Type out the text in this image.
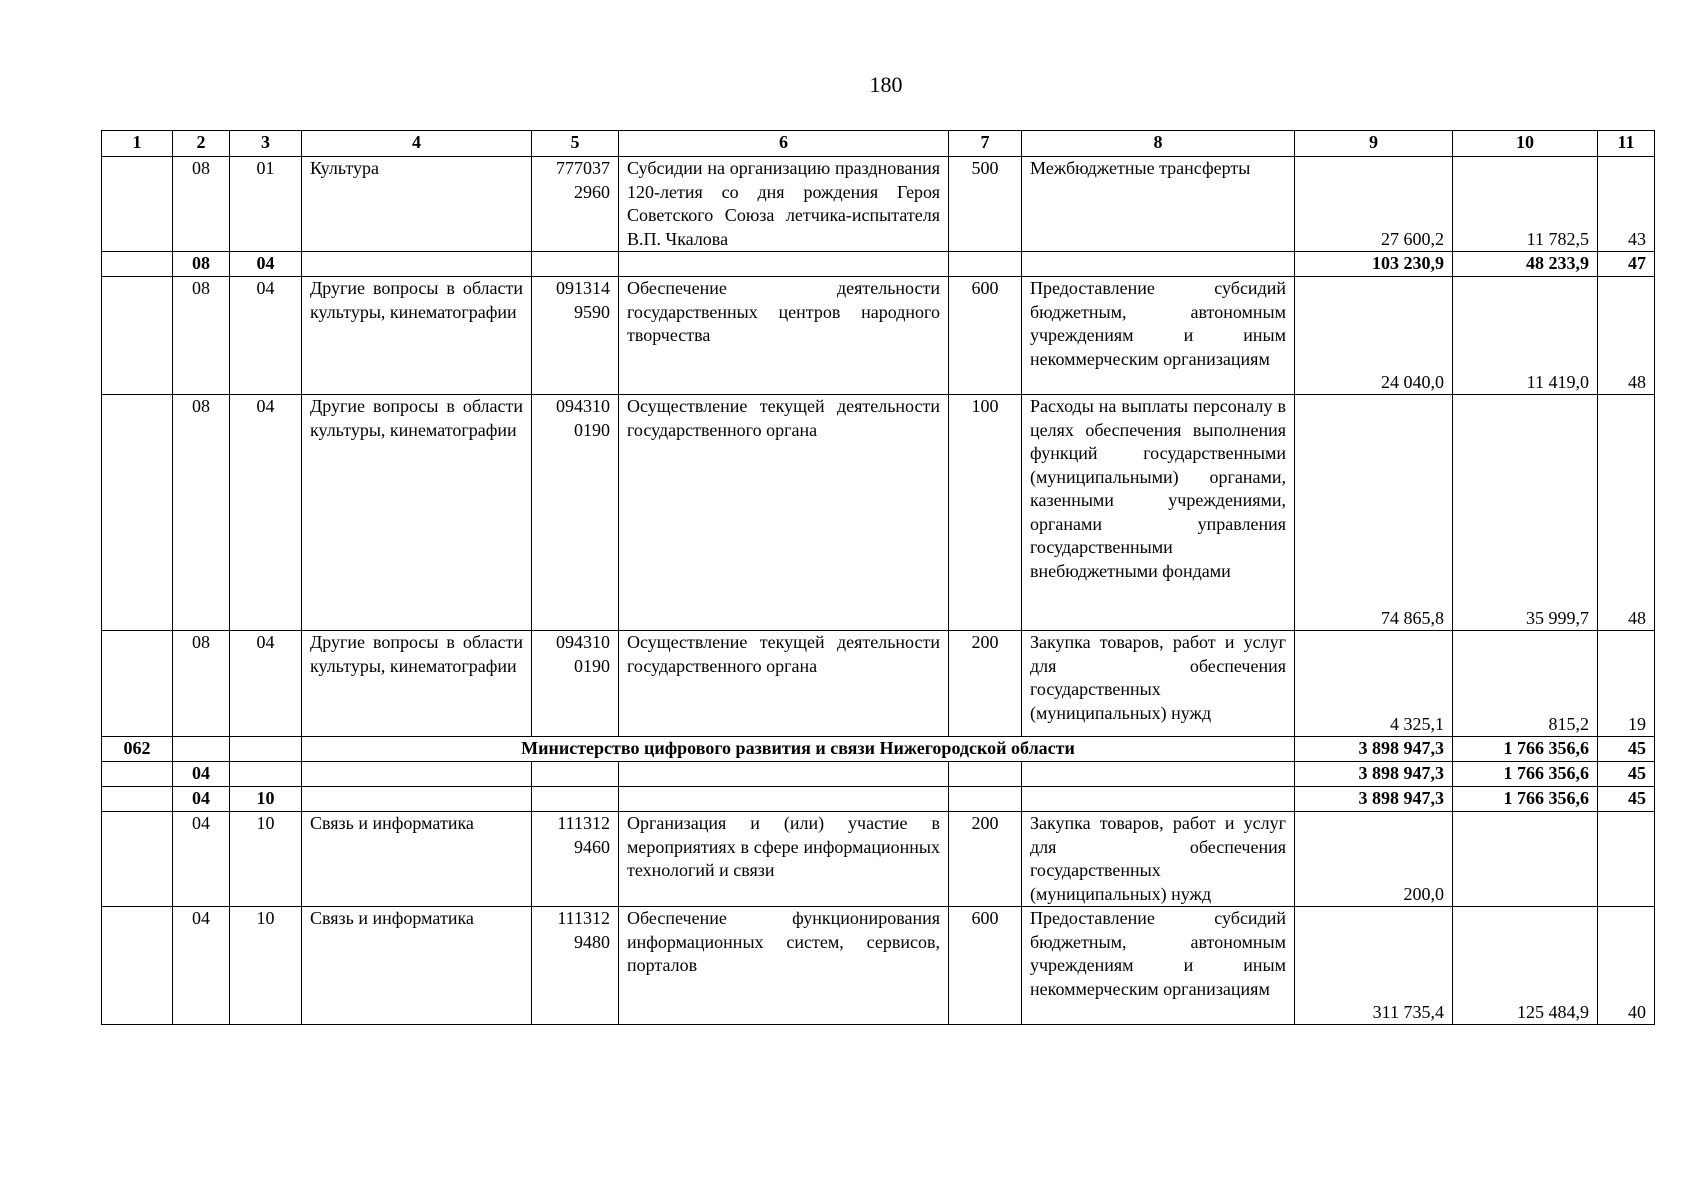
180
1	2	3	4	5	6	7	8	9	10	11
	08	01	Культура	777037 2960	Субсидии на организацию празднования 120-летия со дня рождения Героя Советского Союза летчика-испытателя В.П. Чкалова	500	Межбюджетные трансферты	27 600,2	11 782,5	43
	08	04						103 230,9	48 233,9	47
	08	04	Другие вопросы в области культуры, кинематографии	091314 9590	Обеспечение деятельности государственных центров народного творчества	600	Предоставление субсидий бюджетным, автономным учреждениям и иным некоммерческим организациям	24 040,0	11 419,0	48
	08	04	Другие вопросы в области культуры, кинематографии	094310 0190	Осуществление текущей деятельности государственного органа	100	Расходы на выплаты персоналу в целях обеспечения выполнения функций государственными (муниципальными) органами, казенными учреждениями, органами управления государственными внебюджетными фондами	74 865,8	35 999,7	48
	08	04	Другие вопросы в области культуры, кинематографии	094310 0190	Осуществление текущей деятельности государственного органа	200	Закупка товаров, работ и услуг для обеспечения государственных (муниципальных) нужд	4 325,1	815,2	19
062			Министерство цифрового развития и связи Нижегородской области					3 898 947,3	1 766 356,6	45
	04							3 898 947,3	1 766 356,6	45
	04	10						3 898 947,3	1 766 356,6	45
	04	10	Связь и информатика	111312 9460	Организация и (или) участие в мероприятиях в сфере информационных технологий и связи	200	Закупка товаров, работ и услуг для обеспечения государственных (муниципальных) нужд	200,0		
	04	10	Связь и информатика	111312 9480	Обеспечение функционирования информационных систем, сервисов, порталов	600	Предоставление субсидий бюджетным, автономным учреждениям и иным некоммерческим организациям	311 735,4	125 484,9	40
